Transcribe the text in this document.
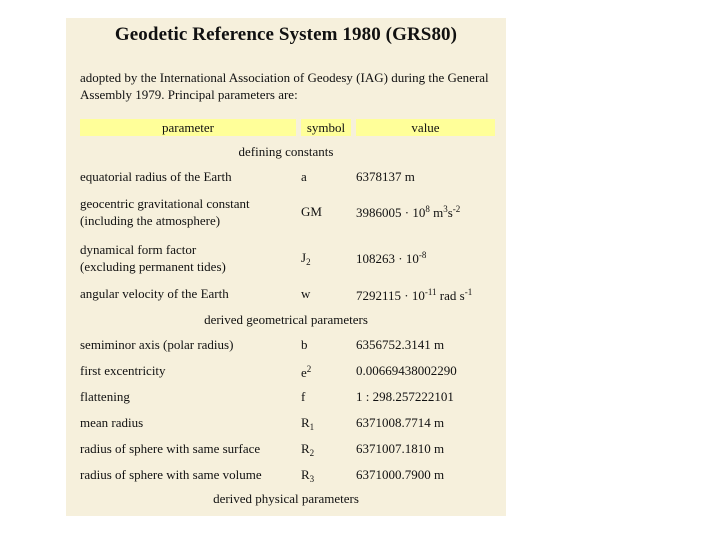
Geodetic Reference System 1980 (GRS80)
adopted by the International Association of Geodesy (IAG) during the General Assembly 1979. Principal parameters are:
parameter	symbol	value
defining constants
equatorial radius of the Earth	a	6378137 m
geocentric gravitational constant
(including the atmosphere)
GM	$3986005 \cdot 10^8$ $m^3s^{-2}$
dynamical form factor
(excluding permanent tides)
$J_2$	$108263 \cdot 10^{-8}$
angular velocity of the Earth	w	$7292115 \cdot 10^{-11}$ rad $s^{-1}$
derived geometrical parameters
semiminor axis (polar radius)	b	6356752.3141 m
first excentricity	$e^2$	0.00669438002290
flattening	f	1 : 298.257222101
mean radius	$R_1$	6371008.7714 m
radius of sphere with same surface	$R_2$	6371007.1810 m
radius of sphere with same volume	$R_3$	6371000.7900 m
derived physical parameters
